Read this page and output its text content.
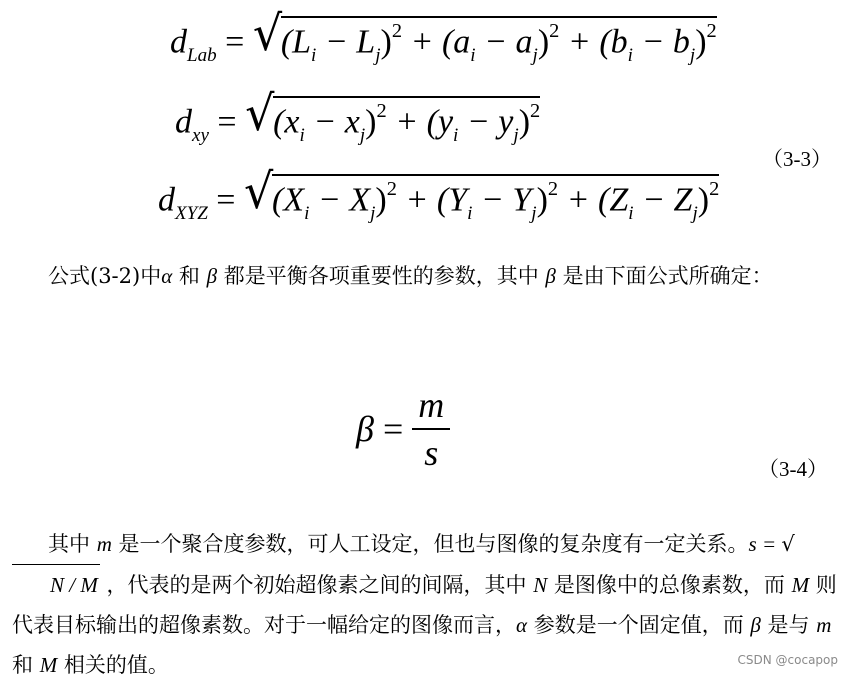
$d_{Lab}$ = √
$(L_i - L_j)^2 + (a_i - a_j)^2 + (b_i - b_j)^2$
$d_{xy}$ = √
$(x_i - x_j)^2 + (y_i - y_j)^2$
（3-3）
$d_{XYZ}$ = √
$(X_i - X_j)^2 + (Y_i - Y_j)^2 + (Z_i - Z_j)^2$
公式(3-2)中α 和 β 都是平衡各项重要性的参数，其中 β 是由下面公式所确定：
$\beta = \frac{m}{s}$	（3-4）
其中 m 是一个聚合度参数，可人工设定，但也与图像的复杂度有一定关系。s = √N / M ，代表的是两个初始超像素之间的间隔，其中 N 是图像中的总像素数，而 M 则代表目标输出的超像素数。对于一幅给定的图像而言，α 参数是一个固定值，而 β 是与 m 和 M 相关的值。	CSDN @cocapop
